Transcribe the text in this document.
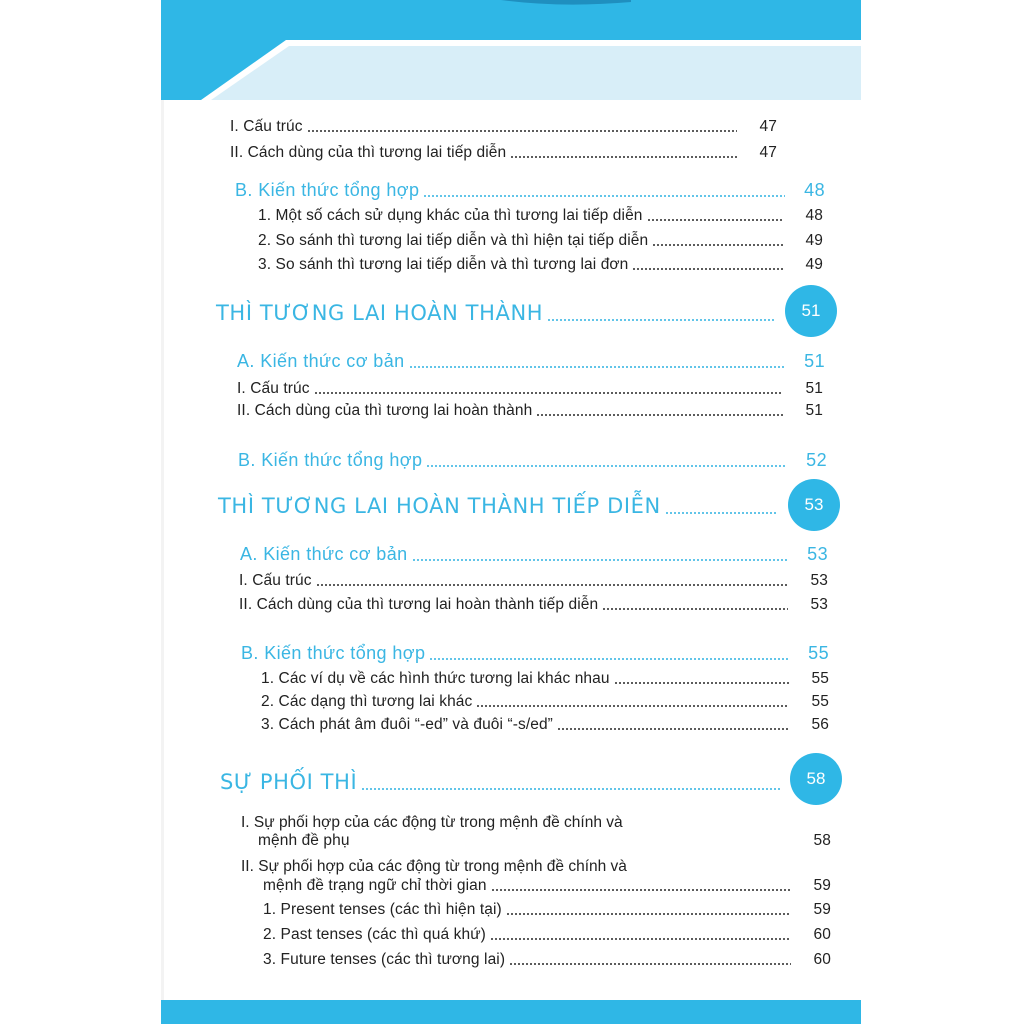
I. Cấu trúc	47
II. Cách dùng của thì tương lai tiếp diễn	47
B. Kiến thức tổng hợp	48
1. Một số cách sử dụng khác của thì tương lai tiếp diễn	48
2. So sánh thì tương lai tiếp diễn và thì hiện tại tiếp diễn	49
3. So sánh thì tương lai tiếp diễn và thì tương lai đơn	49
THÌ TƯƠNG LAI HOÀN THÀNH	51
A. Kiến thức cơ bản	51
I. Cấu trúc	51
II. Cách dùng của thì tương lai hoàn thành	51
B. Kiến thức tổng hợp	52
THÌ TƯƠNG LAI HOÀN THÀNH TIẾP DIỄN	53
A. Kiến thức cơ bản	53
I. Cấu trúc	53
II. Cách dùng của thì tương lai hoàn thành tiếp diễn	53
B. Kiến thức tổng hợp	55
1. Các ví dụ về các hình thức tương lai khác nhau	55
2. Các dạng thì tương lai khác	55
3. Cách phát âm đuôi “-ed” và đuôi “-s/ed”	56
SỰ PHỐI THÌ	58
I. Sự phối hợp của các động từ trong mệnh đề chính và
mệnh đề phụ	58
II. Sự phối hợp của các động từ trong mệnh đề chính và
mệnh đề trạng ngữ chỉ thời gian	59
1. Present tenses (các thì hiện tại)	59
2. Past tenses (các thì quá khứ)	60
3. Future tenses (các thì tương lai)	60
